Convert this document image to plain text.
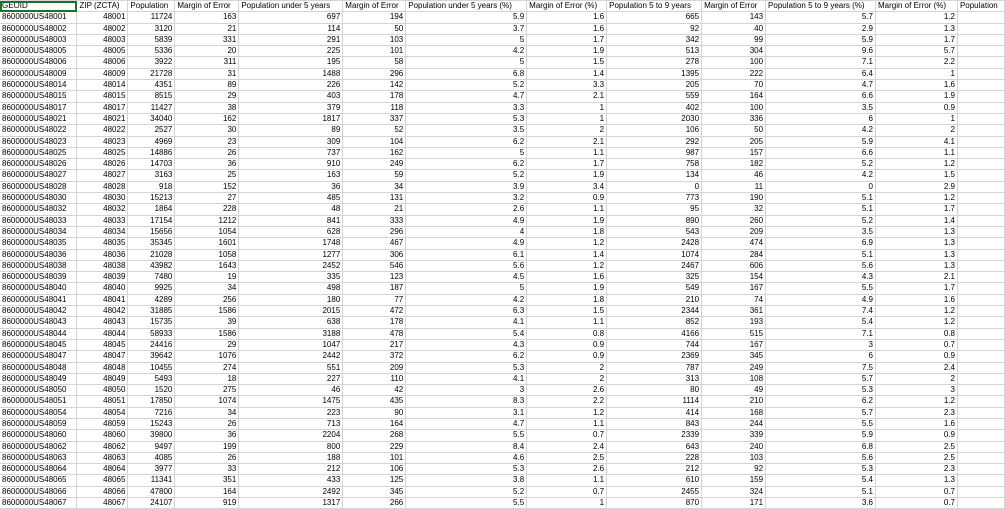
GEOID	ZIP (ZCTA)	Population	Margin of Error	Population under 5 years	Margin of Error	Population under 5 years (%)	Margin of Error (%)	Population 5 to 9 years	Margin of Error	Population 5 to 9 years (%)	Margin of Error (%)	Population
8600000US48001	48001	11724	163	697	194	5.9	1.6	665	143	5.7	1.2	
8600000US48002	48002	3120	21	114	50	3.7	1.6	92	40	2.9	1.3	
8600000US48003	48003	5839	331	291	103	5	1.7	342	99	5.9	1.7	
8600000US48005	48005	5336	20	225	101	4.2	1.9	513	304	9.6	5.7	
8600000US48006	48006	3922	311	195	58	5	1.5	278	100	7.1	2.2	
8600000US48009	48009	21728	31	1488	296	6.8	1.4	1395	222	6.4	1	
8600000US48014	48014	4351	89	226	142	5.2	3.3	205	70	4.7	1.6	
8600000US48015	48015	8515	29	403	178	4.7	2.1	559	164	6.6	1.9	
8600000US48017	48017	11427	38	379	118	3.3	1	402	100	3.5	0.9	
8600000US48021	48021	34040	162	1817	337	5.3	1	2030	336	6	1	
8600000US48022	48022	2527	30	89	52	3.5	2	106	50	4.2	2	
8600000US48023	48023	4969	23	309	104	6.2	2.1	292	205	5.9	4.1	
8600000US48025	48025	14886	26	737	162	5	1.1	987	157	6.6	1.1	
8600000US48026	48026	14703	36	910	249	6.2	1.7	758	182	5.2	1.2	
8600000US48027	48027	3163	25	163	59	5.2	1.9	134	46	4.2	1.5	
8600000US48028	48028	918	152	36	34	3.9	3.4	0	11	0	2.9	
8600000US48030	48030	15213	27	485	131	3.2	0.9	773	190	5.1	1.2	
8600000US48032	48032	1864	228	48	21	2.6	1.1	95	32	5.1	1.7	
8600000US48033	48033	17154	1212	841	333	4.9	1.9	890	260	5.2	1.4	
8600000US48034	48034	15656	1054	628	296	4	1.8	543	209	3.5	1.3	
8600000US48035	48035	35345	1601	1748	467	4.9	1.2	2428	474	6.9	1.3	
8600000US48036	48036	21028	1058	1277	306	6.1	1.4	1074	284	5.1	1.3	
8600000US48038	48038	43982	1643	2452	546	5.6	1.2	2467	606	5.6	1.3	
8600000US48039	48039	7480	19	335	123	4.5	1.6	325	154	4.3	2.1	
8600000US48040	48040	9925	34	498	187	5	1.9	549	167	5.5	1.7	
8600000US48041	48041	4289	256	180	77	4.2	1.8	210	74	4.9	1.6	
8600000US48042	48042	31885	1586	2015	472	6.3	1.5	2344	361	7.4	1.2	
8600000US48043	48043	15735	39	638	178	4.1	1.1	852	193	5.4	1.2	
8600000US48044	48044	58933	1586	3188	478	5.4	0.8	4166	515	7.1	0.8	
8600000US48045	48045	24416	29	1047	217	4.3	0.9	744	167	3	0.7	
8600000US48047	48047	39642	1076	2442	372	6.2	0.9	2369	345	6	0.9	
8600000US48048	48048	10455	274	551	209	5.3	2	787	249	7.5	2.4	
8600000US48049	48049	5493	18	227	110	4.1	2	313	108	5.7	2	
8600000US48050	48050	1520	275	46	42	3	2.6	80	49	5.3	3	
8600000US48051	48051	17850	1074	1475	435	8.3	2.2	1114	210	6.2	1.2	
8600000US48054	48054	7216	34	223	90	3.1	1.2	414	168	5.7	2.3	
8600000US48059	48059	15243	26	713	164	4.7	1.1	843	244	5.5	1.6	
8600000US48060	48060	39800	36	2204	268	5.5	0.7	2339	339	5.9	0.9	
8600000US48062	48062	9497	199	800	229	8.4	2.4	643	240	6.8	2.5	
8600000US48063	48063	4085	26	188	101	4.6	2.5	228	103	5.6	2.5	
8600000US48064	48064	3977	33	212	106	5.3	2.6	212	92	5.3	2.3	
8600000US48065	48065	11341	351	433	125	3.8	1.1	610	159	5.4	1.3	
8600000US48066	48066	47800	164	2492	345	5.2	0.7	2455	324	5.1	0.7	
8600000US48067	48067	24107	919	1317	266	5.5	1	870	171	3.6	0.7	
